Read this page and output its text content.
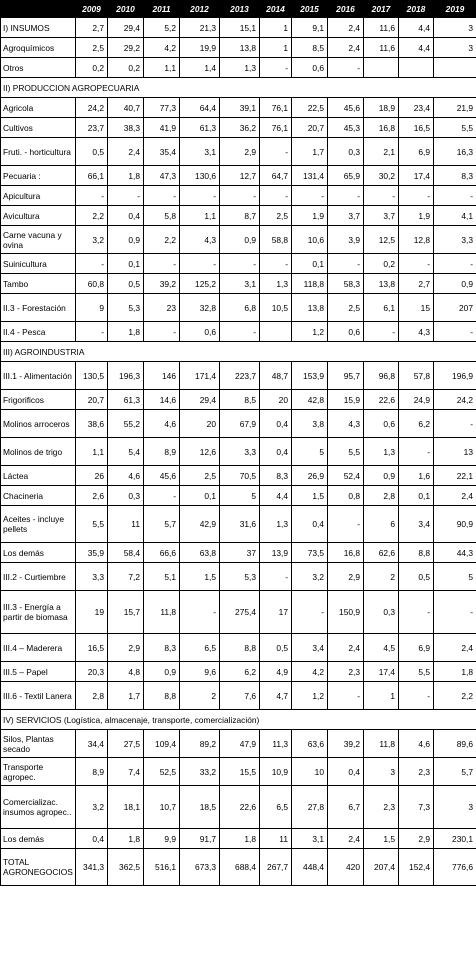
	2009	2010	2011	2012	2013	2014	2015	2016	2017	2018	2019
I) INSUMOS	2,7	29,4	5,2	21,3	15,1	1	9,1	2,4	11,6	4,4	3
Agroquímicos	2,5	29,2	4,2	19,9	13,8	1	8,5	2,4	11,6	4,4	3
Otros	0,2	0,2	1,1	1,4	1,3	-	0,6	-			
II) PRODUCCION AGROPECUARIA											
Agricola	24,2	40,7	77,3	64,4	39,1	76,1	22,5	45,6	18,9	23,4	21,9
Cultivos	23,7	38,3	41,9	61,3	36,2	76,1	20,7	45,3	16,8	16,5	5,5
Fruti. - horticultura	0,5	2,4	35,4	3,1	2,9	-	1,7	0,3	2,1	6,9	16,3
Pecuaria :	66,1	1,8	47,3	130,6	12,7	64,7	131,4	65,9	30,2	17,4	8,3
Apicultura	-	-	-	-	-	-	-	-	-	-	-
Avicultura	2,2	0,4	5,8	1,1	8,7	2,5	1,9	3,7	3,7	1,9	4,1
Carne vacuna y ovina	3,2	0,9	2,2	4,3	0,9	58,8	10,6	3,9	12,5	12,8	3,3
Suinicultura	-	0,1	-	-	-	-	0,1	-	0,2	-	-
Tambo	60,8	0,5	39,2	125,2	3,1	1,3	118,8	58,3	13,8	2,7	0,9
II.3 - Forestación	9	5,3	23	32,8	6,8	10,5	13,8	2,5	6,1	15	207
II.4 - Pesca	-	1,8	-	0,6	-		1,2	0,6	-	4,3	-
III) AGROINDUSTRIA											
III.1 - Alimentación	130,5	196,3	146	171,4	223,7	48,7	153,9	95,7	96,8	57,8	196,9
Frigorificos	20,7	61,3	14,6	29,4	8,5	20	42,8	15,9	22,6	24,9	24,2
Molinos arroceros	38,6	55,2	4,6	20	67,9	0,4	3,8	4,3	0,6	6,2	-
Molinos de trigo	1,1	5,4	8,9	12,6	3,3	0,4	5	5,5	1,3	-	13
Láctea	26	4,6	45,6	2,5	70,5	8,3	26,9	52,4	0,9	1,6	22,1
Chacineria	2,6	0,3	-	0,1	5	4,4	1,5	0,8	2,8	0,1	2,4
Aceites - incluye pellets	5,5	11	5,7	42,9	31,6	1,3	0,4	-	6	3,4	90,9
Los demás	35,9	58,4	66,6	63,8	37	13,9	73,5	16,8	62,6	8,8	44,3
III.2 - Curtiembre	3,3	7,2	5,1	1,5	5,3	-	3,2	2,9	2	0,5	5
III.3 - Energía a partir de biomasa	19	15,7	11,8	-	275,4	17	-	150,9	0,3	-	-
III.4 – Maderera	16,5	2,9	8,3	6,5	8,8	0,5	3,4	2,4	4,5	6,9	2,4
III.5 – Papel	20,3	4,8	0,9	9,6	6,2	4,9	4,2	2,3	17,4	5,5	1,8
III.6 - Textil Lanera	2,8	1,7	8,8	2	7,6	4,7	1,2	-	1	-	2,2
IV) SERVICIOS (Logística, almacenaje, transporte, comercialización)											
Silos, Plantas secado	34,4	27,5	109,4	89,2	47,9	11,3	63,6	39,2	11,8	4,6	89,6
Transporte agropec.	8,9	7,4	52,5	33,2	15,5	10,9	10	0,4	3	2,3	5,7
Comercializac. insumos agropec..	3,2	18,1	10,7	18,5	22,6	6,5	27,8	6,7	2,3	7,3	3
Los demás	0,4	1,8	9,9	91,7	1,8	11	3,1	2,4	1,5	2,9	230,1
TOTAL AGRONEGOCIOS	341,3	362,5	516,1	673,3	688,4	267,7	448,4	420	207,4	152,4	776,6
